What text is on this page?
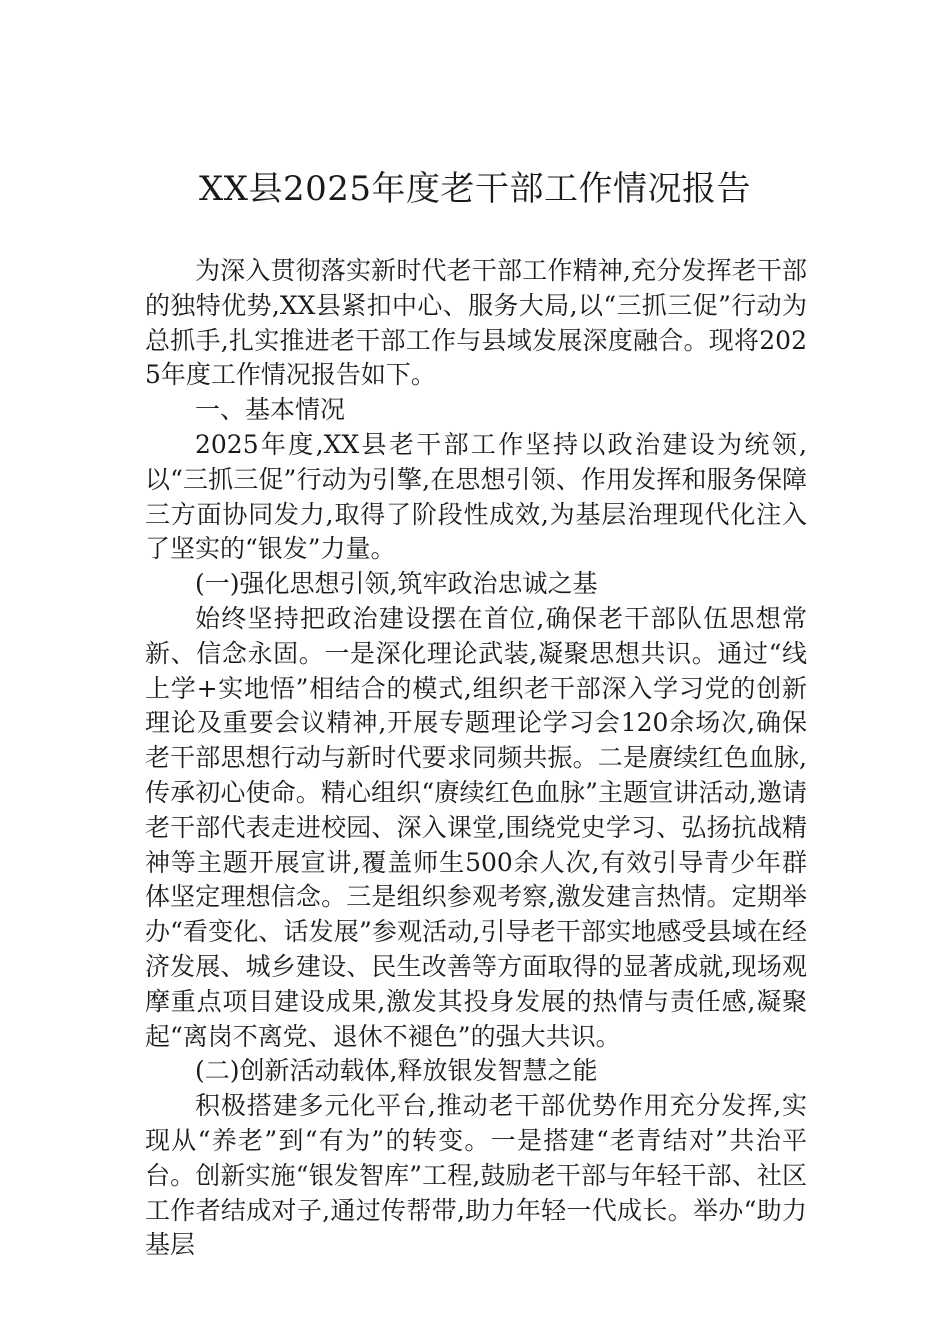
XX县2025年度老干部工作情况报告

为深入贯彻落实新时代老干部工作精神,充分发挥老干部的独特优势,XX县紧扣中心、服务大局,以“三抓三促”行动为总抓手,扎实推进老干部工作与县域发展深度融合。现将2025年度工作情况报告如下。

一、基本情况

2025年度,XX县老干部工作坚持以政治建设为统领,以“三抓三促”行动为引擎,在思想引领、作用发挥和服务保障三方面协同发力,取得了阶段性成效,为基层治理现代化注入了坚实的“银发”力量。

(一)强化思想引领,筑牢政治忠诚之基

始终坚持把政治建设摆在首位,确保老干部队伍思想常新、信念永固。一是深化理论武装,凝聚思想共识。通过“线上学+实地悟”相结合的模式,组织老干部深入学习党的创新理论及重要会议精神,开展专题理论学习会120余场次,确保老干部思想行动与新时代要求同频共振。二是赓续红色血脉,传承初心使命。精心组织“赓续红色血脉”主题宣讲活动,邀请老干部代表走进校园、深入课堂,围绕党史学习、弘扬抗战精神等主题开展宣讲,覆盖师生500余人次,有效引导青少年群体坚定理想信念。三是组织参观考察,激发建言热情。定期举办“看变化、话发展”参观活动,引导老干部实地感受县域在经济发展、城乡建设、民生改善等方面取得的显著成就,现场观摩重点项目建设成果,激发其投身发展的热情与责任感,凝聚起“离岗不离党、退休不褪色”的强大共识。

(二)创新活动载体,释放银发智慧之能

积极搭建多元化平台,推动老干部优势作用充分发挥,实现从“养老”到“有为”的转变。一是搭建“老青结对”共治平台。创新实施“银发智库”工程,鼓励老干部与年轻干部、社区工作者结成对子,通过传帮带,助力年轻一代成长。举办“助力基层
